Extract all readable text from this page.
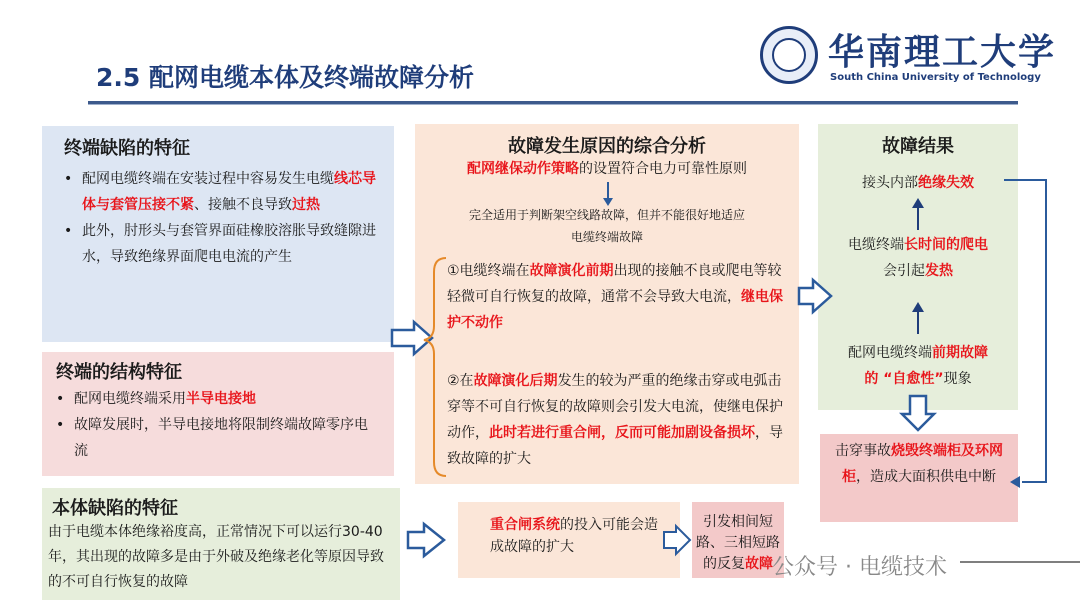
2.5 配网电缆本体及终端故障分析
华南理工大学
South China University of Technology
终端缺陷的特征
• 配网电缆终端在安装过程中容易发生电缆线芯导体与套管压接不紧、接触不良导致过热
• 此外，肘形头与套管界面硅橡胶溶胀导致缝隙进水，导致绝缘界面爬电电流的产生
终端的结构特征
• 配网电缆终端采用半导电接地
• 故障发展时，半导电接地将限制终端故障零序电流
本体缺陷的特征
由于电缆本体绝缘裕度高，正常情况下可以运行30-40年，其出现的故障多是由于外破及绝缘老化等原因导致的不可自行恢复的故障
故障发生原因的综合分析
配网继保动作策略的设置符合电力可靠性原则
完全适用于判断架空线路故障，但并不能很好地适应电缆终端故障
①电缆终端在故障演化前期出现的接触不良或爬电等较轻微可自行恢复的故障，通常不会导致大电流，继电保护不动作
②在故障演化后期发生的较为严重的绝缘击穿或电弧击穿等不可自行恢复的故障则会引发大电流，使继电保护动作，此时若进行重合闸，反而可能加剧设备损坏，导致故障的扩大
故障结果
接头内部绝缘失效
电缆终端长时间的爬电
会引起发热
配网电缆终端前期故障
的 “自愈性”现象
击穿事故烧毁终端柜及环网柜，造成大面积供电中断
重合闸系统的投入可能会造成故障的扩大
引发相间短路、三相短路的反复故障 公众号 · 电缆技术
